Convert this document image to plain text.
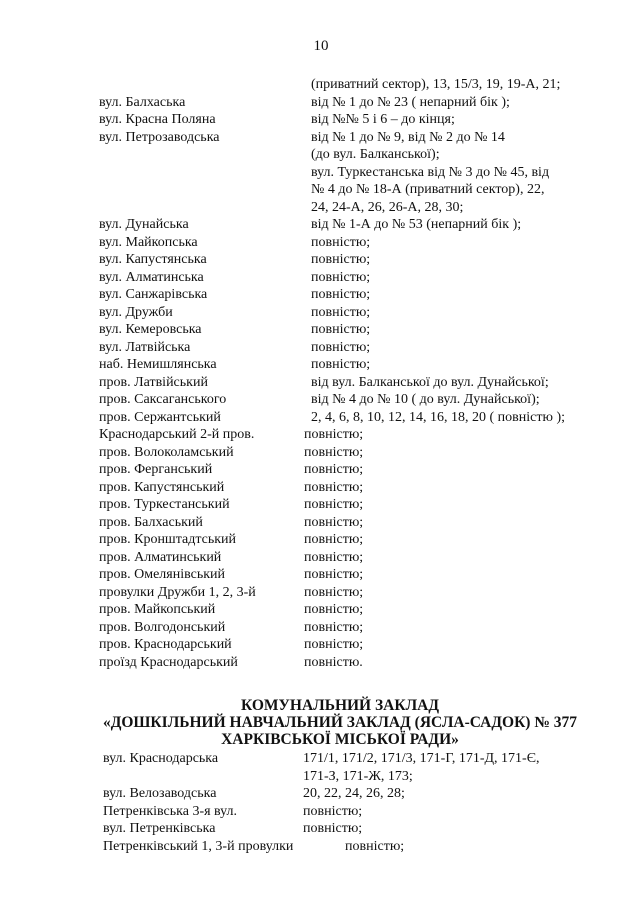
10
(приватний сектор), 13, 15/3, 19, 19-А, 21;
вул. Балхаська	від № 1 до № 23 ( непарний бік );
вул. Красна Поляна	від №№ 5 і 6 – до кінця;
вул. Петрозаводська	від № 1 до № 9, від № 2 до № 14
(до вул. Балканської);
вул. Туркестанська від № 3 до № 45, від
№ 4 до № 18-А (приватний сектор), 22,
24, 24-А, 26, 26-А, 28, 30;
вул. Дунайська	від № 1-А до № 53 (непарний бік );
вул. Майкопська	повністю;
вул. Капустянська	повністю;
вул. Алматинська	повністю;
вул. Санжарівська	повністю;
вул. Дружби	повністю;
вул. Кемеровська	повністю;
вул. Латвійська	повністю;
наб. Немишлянська	повністю;
пров. Латвійський	від вул. Балканської до вул. Дунайської;
пров. Саксаганського	від № 4 до № 10 ( до вул. Дунайської);
пров. Сержантський	2, 4, 6, 8, 10, 12, 14, 16, 18, 20 ( повністю );
Краснодарський 2-й пров.	повністю;
пров. Волоколамський	повністю;
пров. Ферганський	повністю;
пров. Капустянський	повністю;
пров. Туркестанський	повністю;
пров. Балхаський	повністю;
пров. Кронштадтський	повністю;
пров. Алматинський	повністю;
пров. Омелянівський	повністю;
провулки Дружби 1, 2, 3-й	повністю;
пров. Майкопський	повністю;
пров. Волгодонський	повністю;
пров. Краснодарський	повністю;
проїзд Краснодарський	повністю.
КОМУНАЛЬНИЙ ЗАКЛАД
«ДОШКІЛЬНИЙ НАВЧАЛЬНИЙ ЗАКЛАД (ЯСЛА-САДОК) № 377
ХАРКІВСЬКОЇ МІСЬКОЇ РАДИ»
вул. Краснодарська	171/1, 171/2, 171/3, 171-Г, 171-Д, 171-Є,
171-З, 171-Ж, 173;
вул. Велозаводська	20, 22, 24, 26, 28;
Петренківська 3-я вул.	повністю;
вул. Петренківська	повністю;
Петренківський 1, 3-й провулки	повністю;
